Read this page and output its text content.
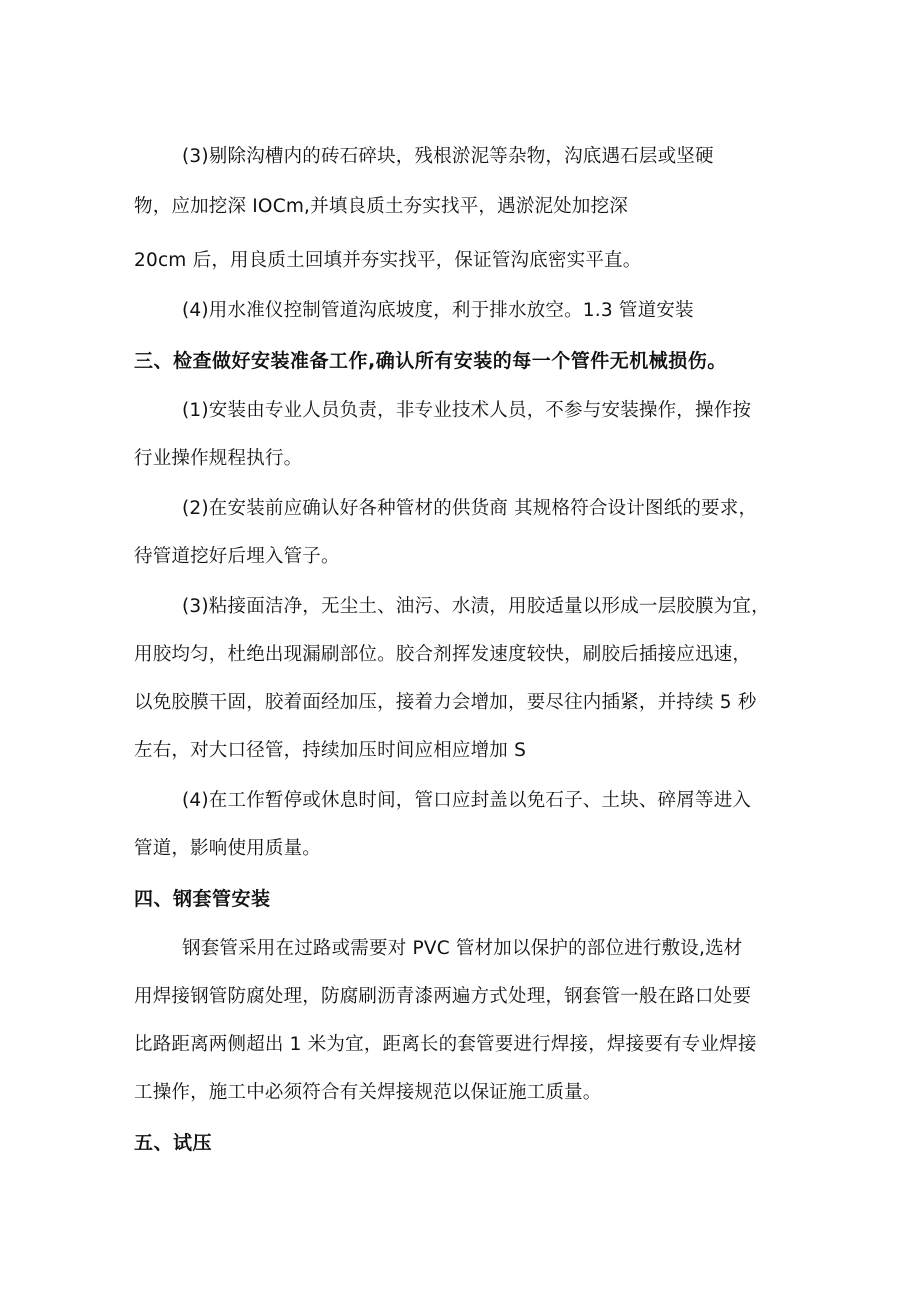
(3)剔除沟槽内的砖石碎块，残根淤泥等杂物，沟底遇石层或坚硬
物，应加挖深 IOCm,并填良质土夯实找平，遇淤泥处加挖深
20cm 后，用良质土回填并夯实找平，保证管沟底密实平直。
(4)用水准仪控制管道沟底坡度，利于排水放空。1.3 管道安装
三、检查做好安装准备工作,确认所有安装的每一个管件无机械损伤。
(1)安装由专业人员负责，非专业技术人员，不参与安装操作，操作按
行业操作规程执行。
(2)在安装前应确认好各种管材的供货商 其规格符合设计图纸的要求，
待管道挖好后埋入管子。
(3)粘接面洁净，无尘土、油污、水渍，用胶适量以形成一层胶膜为宜，
用胶均匀，杜绝出现漏刷部位。胶合剂挥发速度较快，刷胶后插接应迅速，
以免胶膜干固，胶着面经加压，接着力会增加，要尽往内插紧，并持续 5 秒
左右，对大口径管，持续加压时间应相应增加 S
(4)在工作暂停或休息时间，管口应封盖以免石子、土块、碎屑等进入
管道，影响使用质量。
四、钢套管安装
钢套管采用在过路或需要对 PVC 管材加以保护的部位进行敷设,选材
用焊接钢管防腐处理，防腐刷沥青漆两遍方式处理，钢套管一般在路口处要
比路距离两侧超出 1 米为宜，距离长的套管要进行焊接，焊接要有专业焊接
工操作，施工中必须符合有关焊接规范以保证施工质量。
五、试压
